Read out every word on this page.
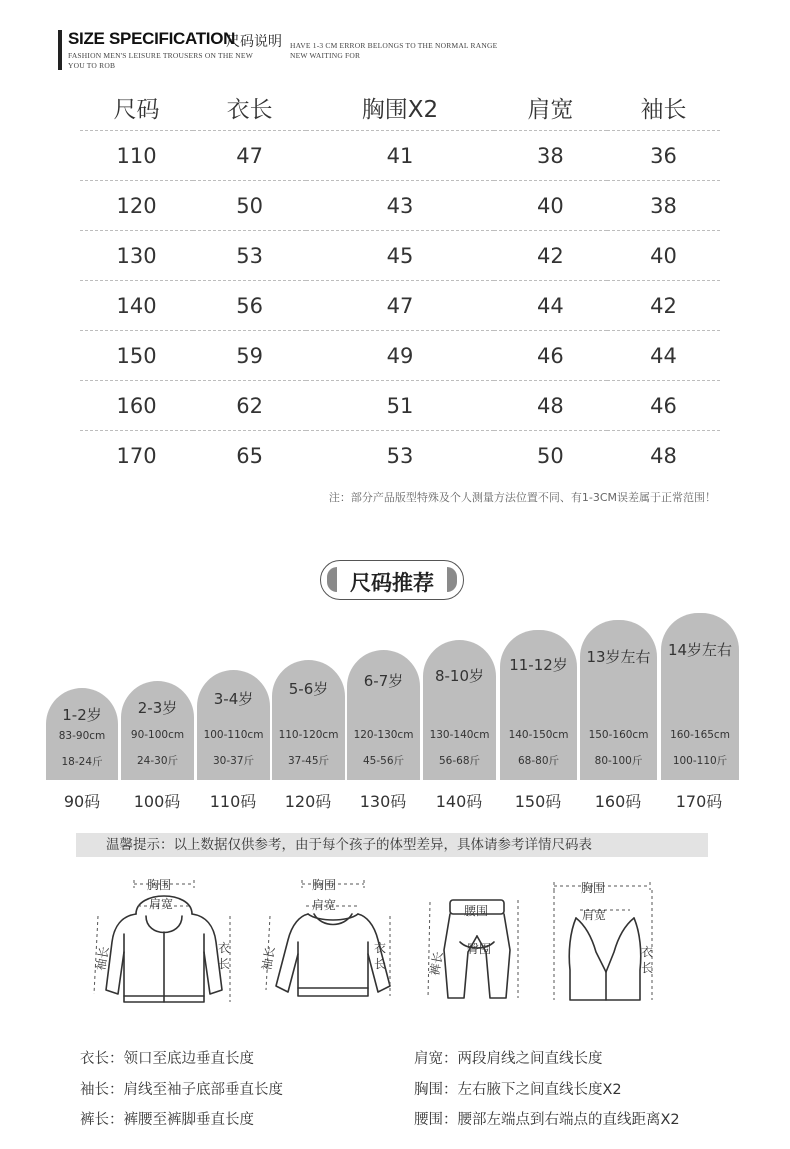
SIZE SPECIFICATION
尺码说明
FASHION MEN'S LEISURE TROUSERS ON THE NEW
YOU TO ROB
HAVE 1-3 CM ERROR BELONGS TO THE NORMAL RANGE
NEW WAITING FOR
尺码	衣长	胸围X2	肩宽	袖长
110	47	41	38	36
120	50	43	40	38
130	53	45	42	40
140	56	47	44	42
150	59	49	46	44
160	62	51	48	46
170	65	53	50	48
注：部分产品版型特殊及个人测量方法位置不同、有1-3CM误差属于正常范围！
尺码推荐
1-2岁
83-90cm
18-24斤
2-3岁
90-100cm
24-30斤
3-4岁
100-110cm
30-37斤
5-6岁
110-120cm
37-45斤
6-7岁
120-130cm
45-56斤
8-10岁
130-140cm
56-68斤
11-12岁
140-150cm
68-80斤
13岁左右
150-160cm
80-100斤
14岁左右
160-165cm
100-110斤
90码	100码	110码	120码	130码	140码	150码	160码	170码
温馨提示：以上数据仅供参考，由于每个孩子的体型差异，具体请参考详情尺码表
胸围
肩宽
袖长	衣长
胸围
肩宽
袖长	衣长
腰围
臀围
裤长
胸围
肩宽
衣长
衣长：领口至底边垂直长度
袖长：肩线至袖子底部垂直长度
裤长：裤腰至裤脚垂直长度
肩宽：两段肩线之间直线长度
胸围：左右腋下之间直线长度X2
腰围：腰部左端点到右端点的直线距离X2
